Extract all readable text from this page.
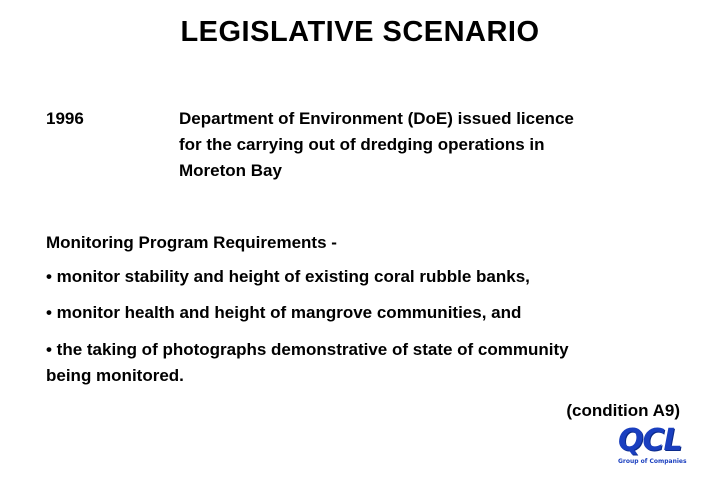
LEGISLATIVE SCENARIO
1996	Department of Environment (DoE) issued licence
for the carrying out of dredging operations in
Moreton Bay
Monitoring Program Requirements -
• monitor stability and height of existing coral rubble banks,
• monitor health and height of mangrove communities, and
• the taking of photographs demonstrative of state of community
being monitored.
(condition A9)
QCL
Group of Companies
